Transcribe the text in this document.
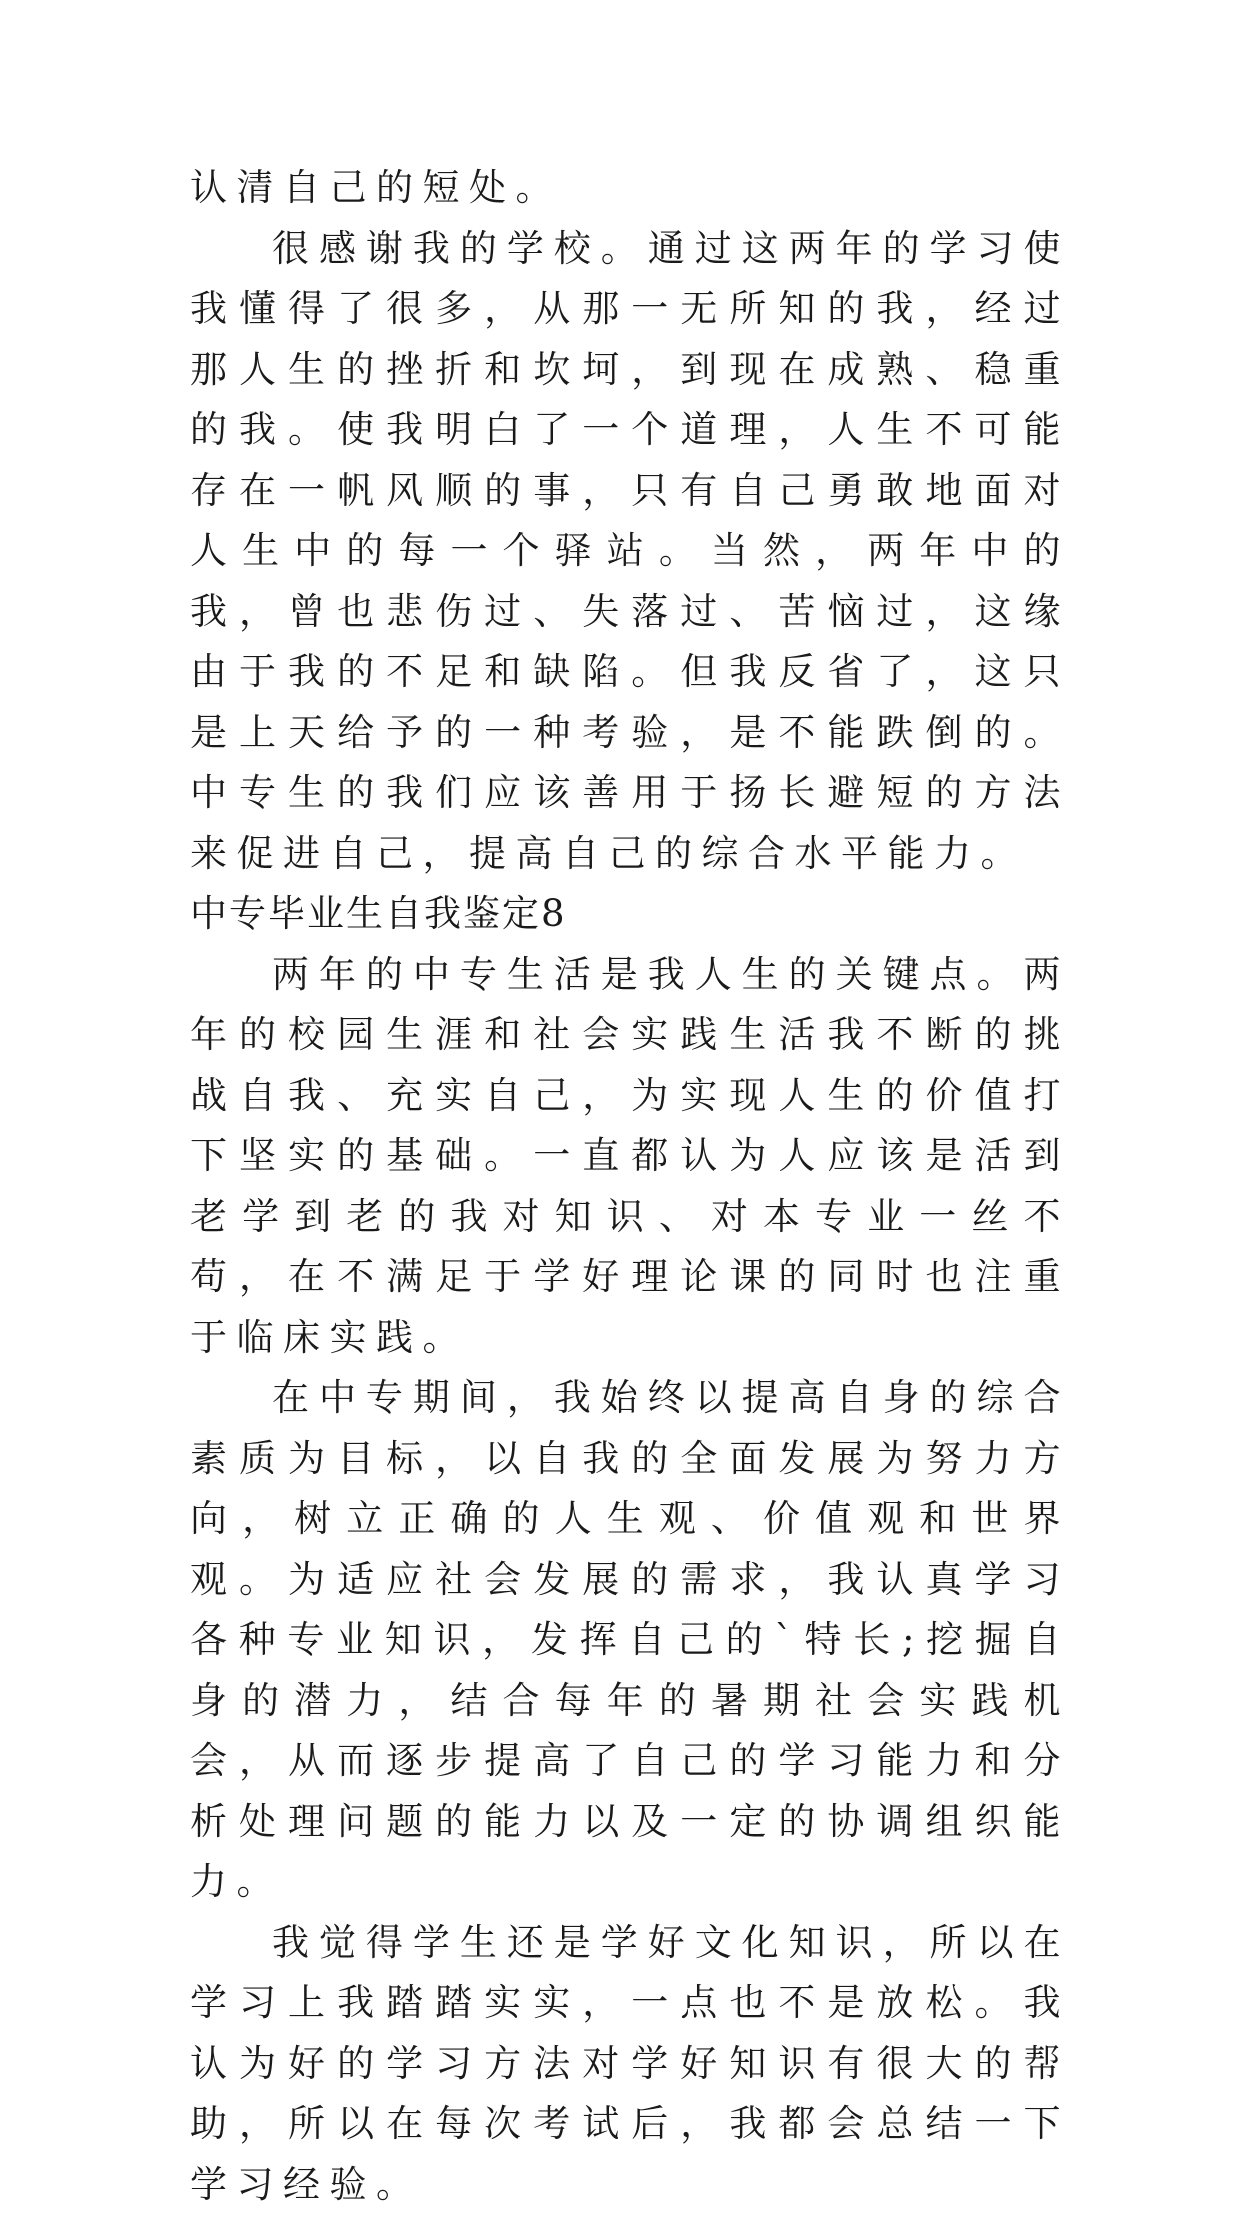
认清自己的短处。

很感谢我的学校。通过这两年的学习使我懂得了很多，从那一无所知的我，经过那人生的挫折和坎坷，到现在成熟、稳重的我。使我明白了一个道理，人生不可能存在一帆风顺的事，只有自己勇敢地面对人生中的每一个驿站。当然，两年中的我，曾也悲伤过、失落过、苦恼过，这缘由于我的不足和缺陷。但我反省了，这只是上天给予的一种考验，是不能跌倒的。中专生的我们应该善用于扬长避短的方法来促进自己，提高自己的综合水平能力。

中专毕业生自我鉴定8

两年的中专生活是我人生的关键点。两年的校园生涯和社会实践生活我不断的挑战自我、充实自己，为实现人生的价值打下坚实的基础。一直都认为人应该是活到老学到老的我对知识、对本专业一丝不苟，在不满足于学好理论课的同时也注重于临床实践。

在中专期间，我始终以提高自身的综合素质为目标，以自我的全面发展为努力方向，树立正确的人生观、价值观和世界观。为适应社会发展的需求，我认真学习各种专业知识，发挥自己的`特长;挖掘自身的潜力，结合每年的暑期社会实践机会，从而逐步提高了自己的学习能力和分析处理问题的能力以及一定的协调组织能力。

我觉得学生还是学好文化知识，所以在学习上我踏踏实实，一点也不是放松。我认为好的学习方法对学好知识有很大的帮助，所以在每次考试后，我都会总结一下学习经验。
